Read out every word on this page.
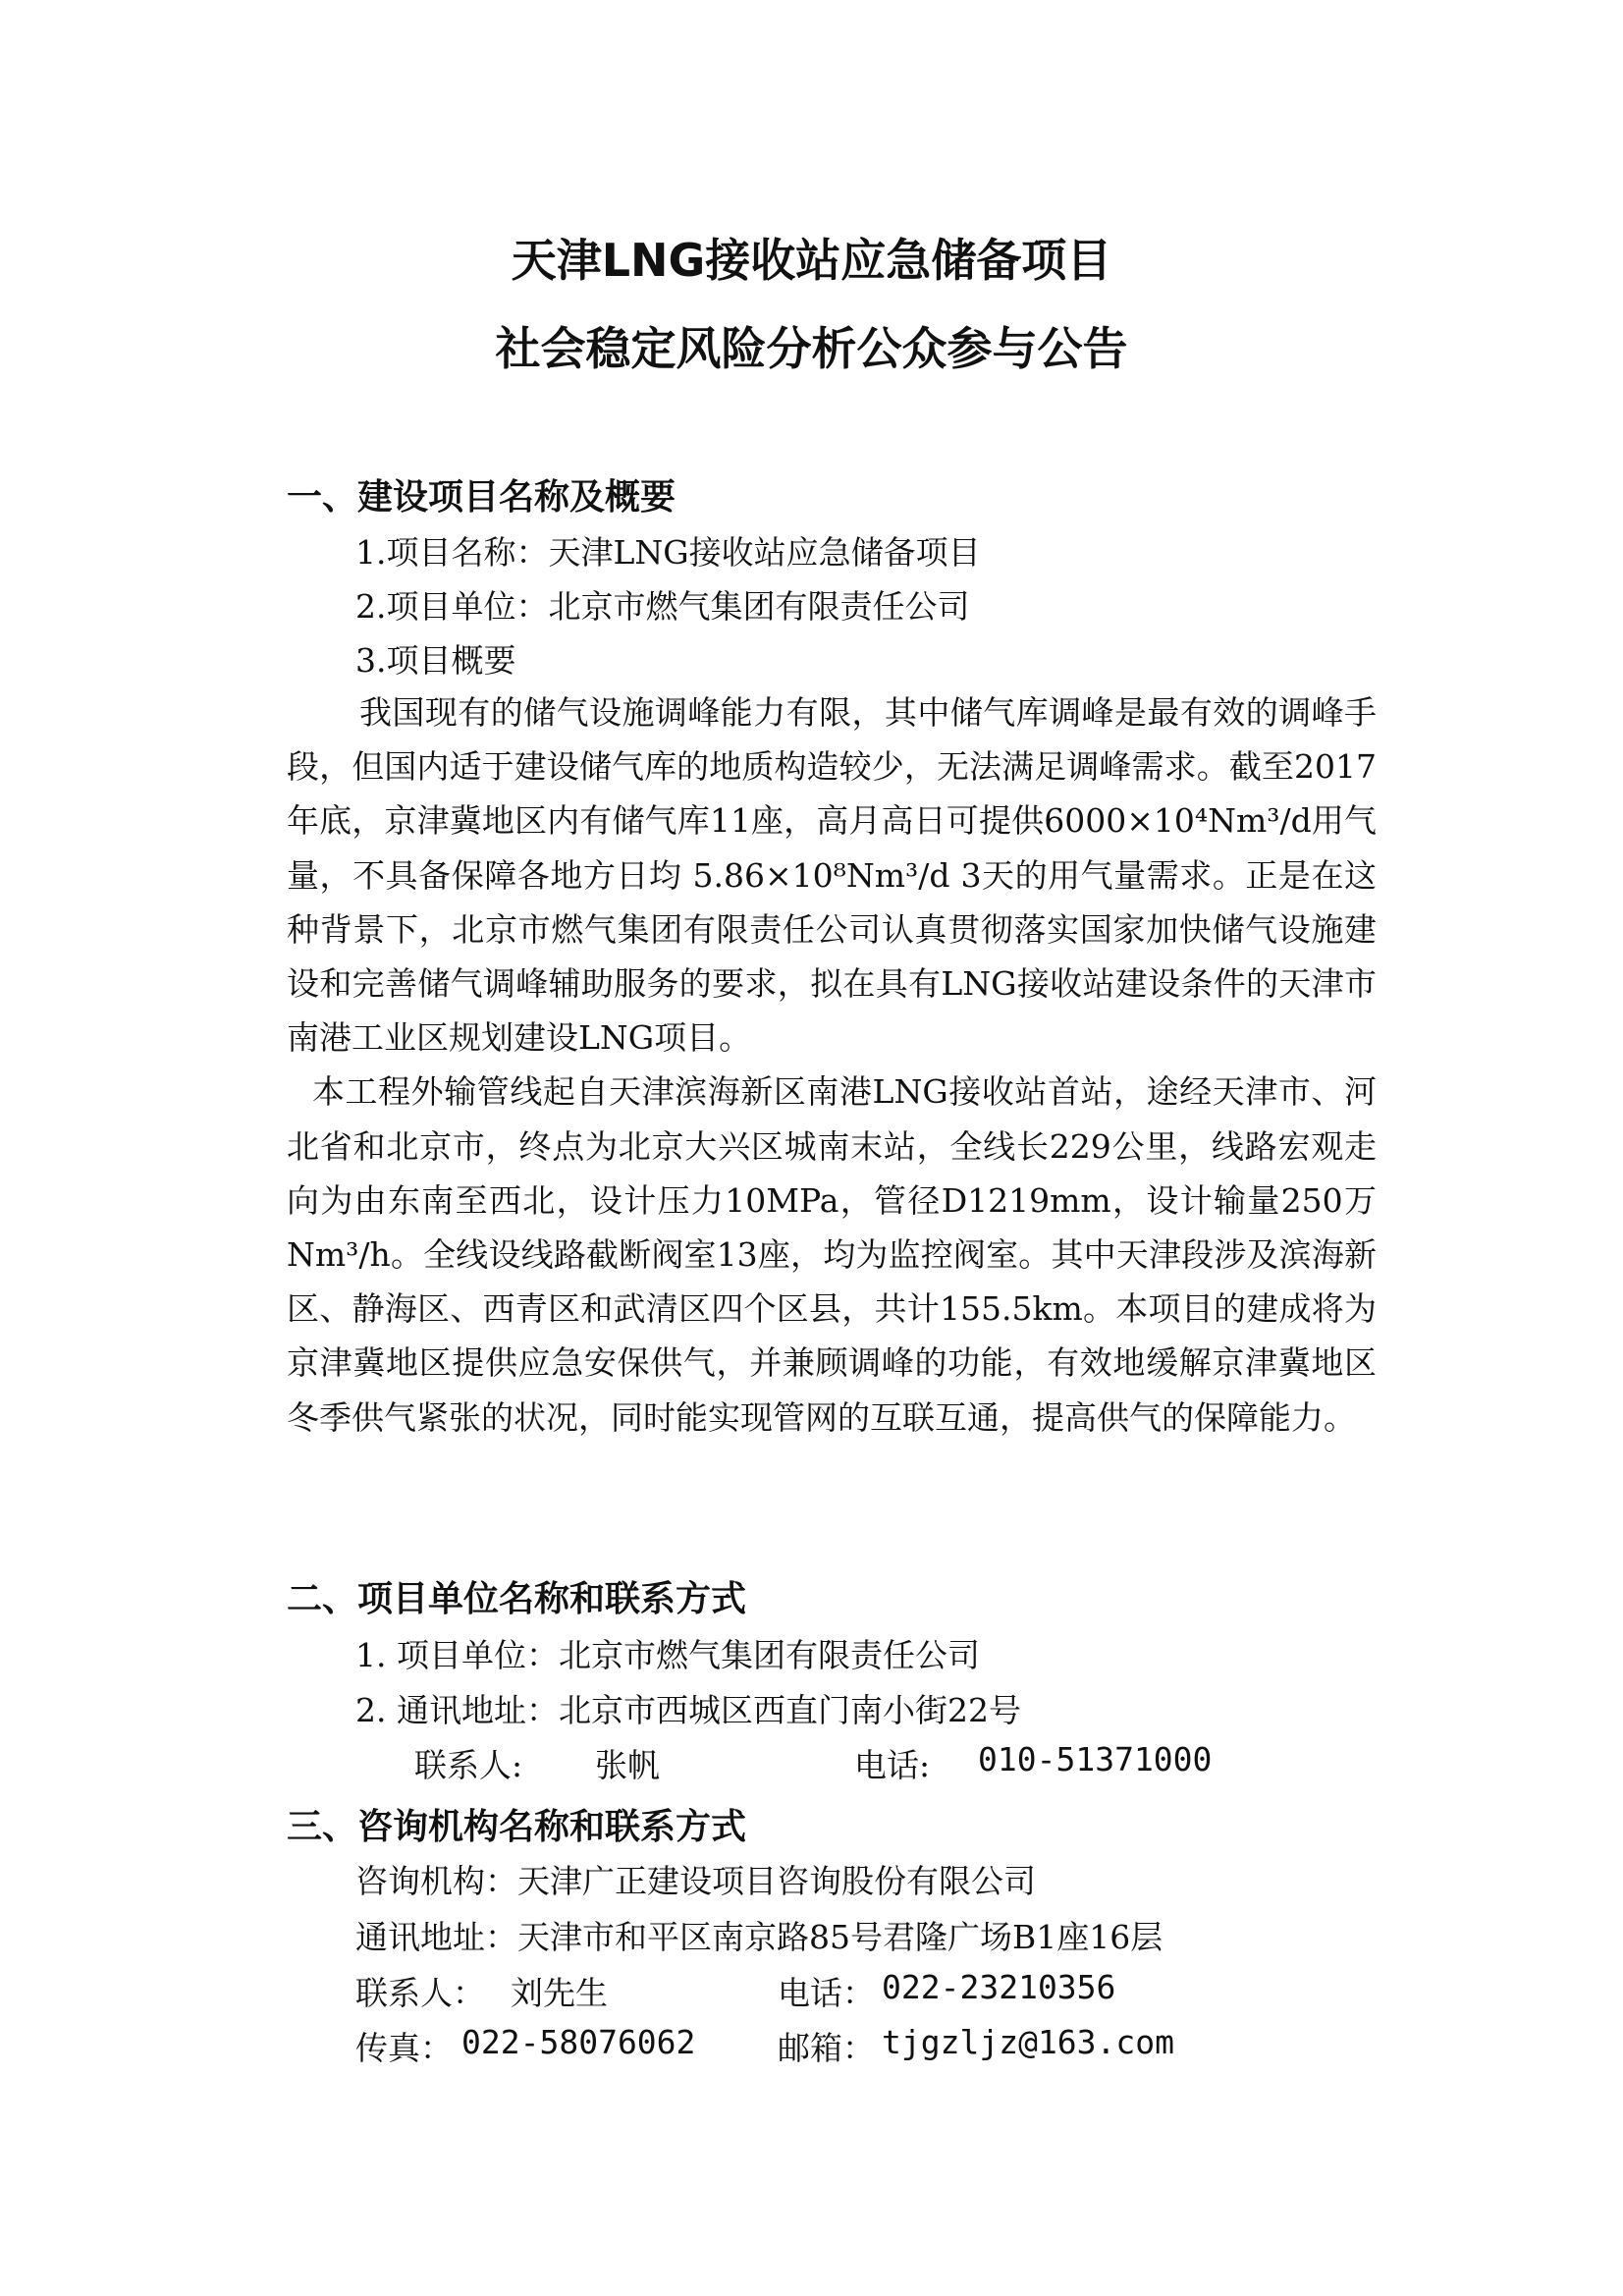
天津LNG接收站应急储备项目
社会稳定风险分析公众参与公告
一、建设项目名称及概要
1.项目名称：天津LNG接收站应急储备项目
2.项目单位：北京市燃气集团有限责任公司
3.项目概要

我国现有的储气设施调峰能力有限，其中储气库调峰是最有效的调峰手段，但国内适于建设储气库的地质构造较少，无法满足调峰需求。截至2017年底，京津冀地区内有储气库11座，高月高日可提供6000×10⁴Nm³/d用气量，不具备保障各地方日均 5.86×10⁸Nm³/d 3天的用气量需求。正是在这种背景下，北京市燃气集团有限责任公司认真贯彻落实国家加快储气设施建设和完善储气调峰辅助服务的要求，拟在具有LNG接收站建设条件的天津市南港工业区规划建设LNG项目。

本工程外输管线起自天津滨海新区南港LNG接收站首站，途经天津市、河北省和北京市，终点为北京大兴区城南末站，全线长229公里，线路宏观走向为由东南至西北，设计压力10MPa，管径D1219mm，设计输量250万Nm³/h。全线设线路截断阀室13座，均为监控阀室。其中天津段涉及滨海新区、静海区、西青区和武清区四个区县，共计155.5km。本项目的建成将为京津冀地区提供应急安保供气，并兼顾调峰的功能，有效地缓解京津冀地区冬季供气紧张的状况，同时能实现管网的互联互通，提高供气的保障能力。

二、项目单位名称和联系方式
1. 项目单位：北京市燃气集团有限责任公司
2. 通讯地址：北京市西城区西直门南小街22号
联系人: 张帆	电话: 010-51371000
三、咨询机构名称和联系方式
咨询机构：天津广正建设项目咨询股份有限公司
通讯地址：天津市和平区南京路85号君隆广场B1座16层
联系人： 刘先生	电话： 022-23210356
传真： 022-58076062	邮箱： tjgzljz@163.com
